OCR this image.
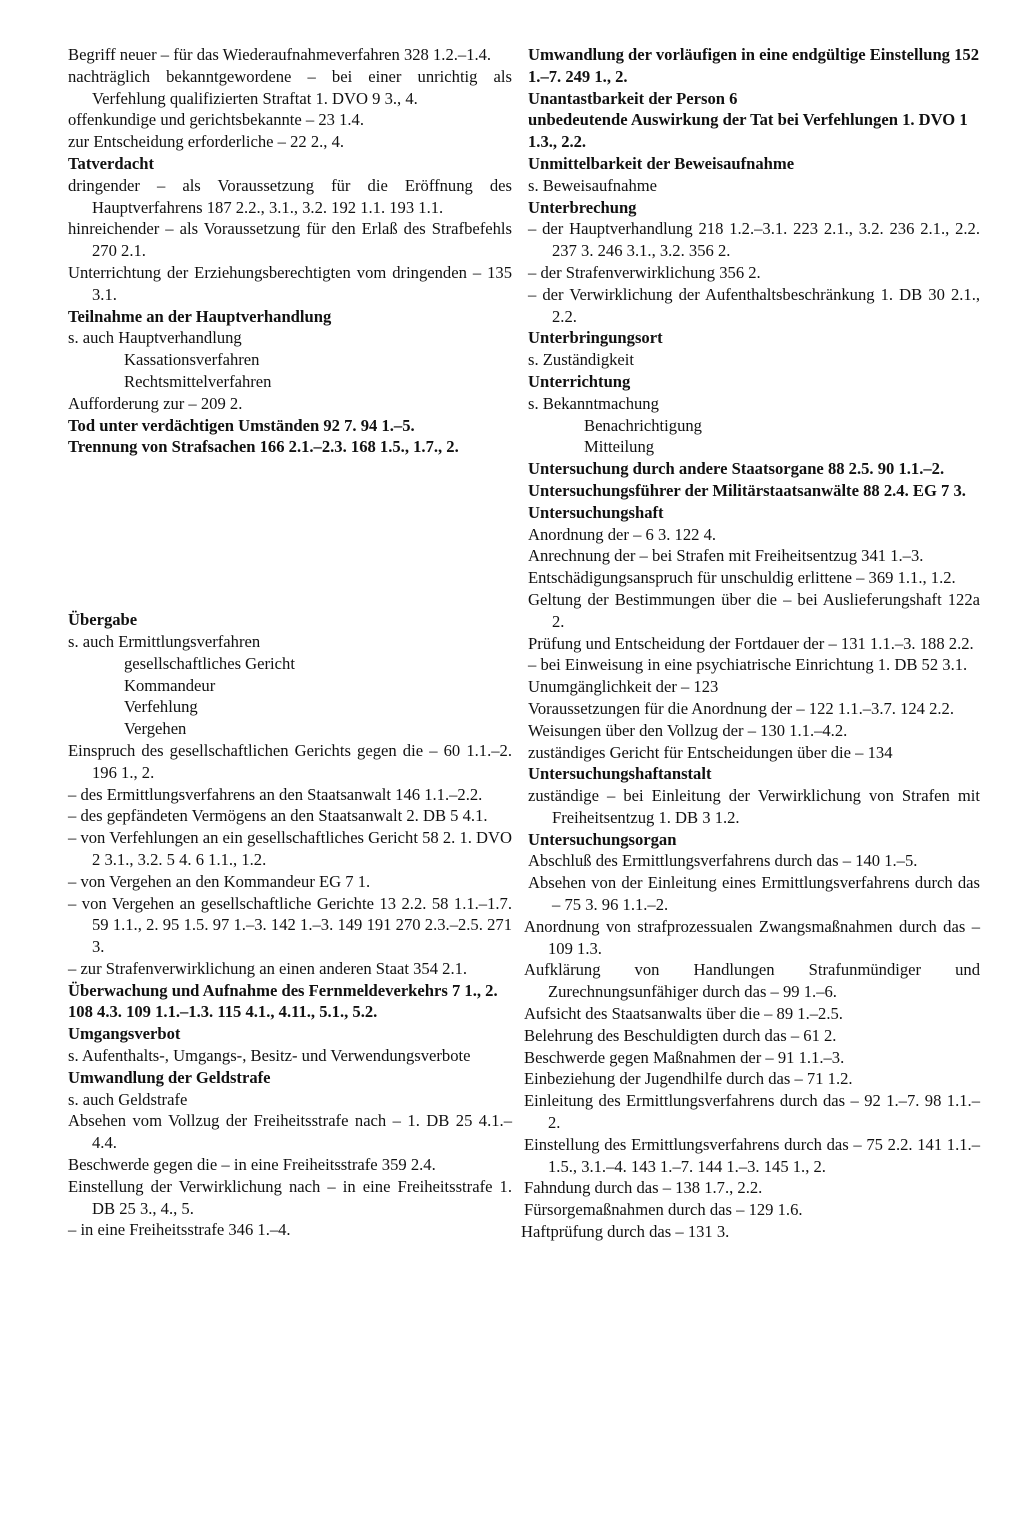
Begriff neuer – für das Wiederaufnahmeverfahren 328 1.2.–1.4.
nachträglich bekanntgewordene – bei einer unrichtig als Verfehlung qualifizierten Straftat 1. DVO 9 3., 4.
offenkundige und gerichtsbekannte – 23 1.4.
zur Entscheidung erforderliche – 22 2., 4.
Tatverdacht
dringender – als Voraussetzung für die Eröffnung des Hauptverfahrens 187 2.2., 3.1., 3.2. 192 1.1. 193 1.1.
hinreichender – als Voraussetzung für den Erlaß des Strafbefehls 270 2.1.
Unterrichtung der Erziehungsberechtigten vom dringenden – 135 3.1.
Teilnahme an der Hauptverhandlung
s. auch Hauptverhandlung
Kassationsverfahren
Rechtsmittelverfahren
Aufforderung zur – 209 2.
Tod unter verdächtigen Umständen 92 7. 94 1.–5.
Trennung von Strafsachen 166 2.1.–2.3. 168 1.5., 1.7., 2.
Übergabe
s. auch Ermittlungsverfahren
gesellschaftliches Gericht
Kommandeur
Verfehlung
Vergehen
Einspruch des gesellschaftlichen Gerichts gegen die – 60 1.1.–2. 196 1., 2.
– des Ermittlungsverfahrens an den Staatsanwalt 146 1.1.–2.2.
– des gepfändeten Vermögens an den Staatsanwalt 2. DB 5 4.1.
– von Verfehlungen an ein gesellschaftliches Gericht 58 2. 1. DVO 2 3.1., 3.2. 5 4. 6 1.1., 1.2.
– von Vergehen an den Kommandeur EG 7 1.
– von Vergehen an gesellschaftliche Gerichte 13 2.2. 58 1.1.–1.7. 59 1.1., 2. 95 1.5. 97 1.–3. 142 1.–3. 149 191 270 2.3.–2.5. 271 3.
– zur Strafenverwirklichung an einen anderen Staat 354 2.1.
Überwachung und Aufnahme des Fernmeldeverkehrs 7 1., 2. 108 4.3. 109 1.1.–1.3. 115 4.1., 4.11., 5.1., 5.2.
Umgangsverbot
s. Aufenthalts-, Umgangs-, Besitz- und Verwendungsverbote
Umwandlung der Geldstrafe
s. auch Geldstrafe
Absehen vom Vollzug der Freiheitsstrafe nach – 1. DB 25 4.1.–4.4.
Beschwerde gegen die – in eine Freiheitsstrafe 359 2.4.
Einstellung der Verwirklichung nach – in eine Freiheitsstrafe 1. DB 25 3., 4., 5.
– in eine Freiheitsstrafe 346 1.–4.
Umwandlung der vorläufigen in eine endgültige Einstellung 152 1.–7. 249 1., 2.
Unantastbarkeit der Person 6
unbedeutende Auswirkung der Tat bei Verfehlungen 1. DVO 1 1.3., 2.2.
Unmittelbarkeit der Beweisaufnahme
s. Beweisaufnahme
Unterbrechung
– der Hauptverhandlung 218 1.2.–3.1. 223 2.1., 3.2. 236 2.1., 2.2. 237 3. 246 3.1., 3.2. 356 2.
– der Strafenverwirklichung 356 2.
– der Verwirklichung der Aufenthaltsbeschränkung 1. DB 30 2.1., 2.2.
Unterbringungsort
s. Zuständigkeit
Unterrichtung
s. Bekanntmachung
Benachrichtigung
Mitteilung
Untersuchung durch andere Staatsorgane 88 2.5. 90 1.1.–2.
Untersuchungsführer der Militärstaatsanwälte 88 2.4. EG 7 3.
Untersuchungshaft
Anordnung der – 6 3. 122 4.
Anrechnung der – bei Strafen mit Freiheitsentzug 341 1.–3.
Entschädigungsanspruch für unschuldig erlittene – 369 1.1., 1.2.
Geltung der Bestimmungen über die – bei Auslieferungshaft 122a 2.
Prüfung und Entscheidung der Fortdauer der – 131 1.1.–3. 188 2.2.
– bei Einweisung in eine psychiatrische Einrichtung 1. DB 52 3.1.
Unumgänglichkeit der – 123
Voraussetzungen für die Anordnung der – 122 1.1.–3.7. 124 2.2.
Weisungen über den Vollzug der – 130 1.1.–4.2.
zuständiges Gericht für Entscheidungen über die – 134
Untersuchungshaftanstalt
zuständige – bei Einleitung der Verwirklichung von Strafen mit Freiheitsentzug 1. DB 3 1.2.
Untersuchungsorgan
Abschluß des Ermittlungsverfahrens durch das – 140 1.–5.
Absehen von der Einleitung eines Ermittlungsverfahrens durch das – 75 3. 96 1.1.–2.
Anordnung von strafprozessualen Zwangsmaßnahmen durch das – 109 1.3.
Aufklärung von Handlungen Strafunmündiger und Zurechnungsunfähiger durch das – 99 1.–6.
Aufsicht des Staatsanwalts über die – 89 1.–2.5.
Belehrung des Beschuldigten durch das – 61 2.
Beschwerde gegen Maßnahmen der – 91 1.1.–3.
Einbeziehung der Jugendhilfe durch das – 71 1.2.
Einleitung des Ermittlungsverfahrens durch das – 92 1.–7. 98 1.1.–2.
Einstellung des Ermittlungsverfahrens durch das – 75 2.2. 141 1.1.–1.5., 3.1.–4. 143 1.–7. 144 1.–3. 145 1., 2.
Fahndung durch das – 138 1.7., 2.2.
Fürsorgemaßnahmen durch das – 129 1.6.
Haftprüfung durch das – 131 3.
